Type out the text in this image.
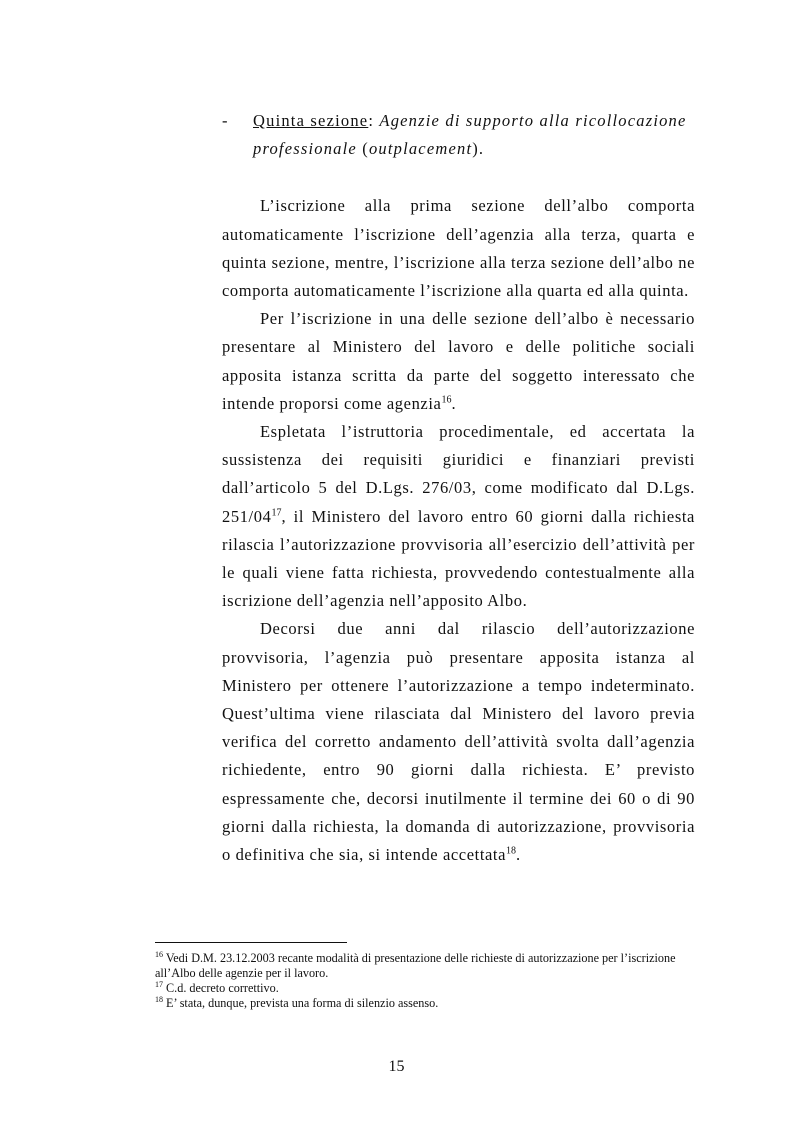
- Quinta sezione: Agenzie di supporto alla ricollocazione professionale (outplacement).

L’iscrizione alla prima sezione dell’albo comporta automaticamente l’iscrizione dell’agenzia alla terza, quarta e quinta sezione, mentre, l’iscrizione alla terza sezione dell’albo ne comporta automaticamente l’iscrizione alla quarta ed alla quinta.

Per l’iscrizione in una delle sezione dell’albo è necessario presentare al Ministero del lavoro e delle politiche sociali apposita istanza scritta da parte del soggetto interessato che intende proporsi come agenzia$^{16}$.

Espletata l’istruttoria procedimentale, ed accertata la sussistenza dei requisiti giuridici e finanziari previsti dall’articolo 5 del D.Lgs. 276/03, come modificato dal D.Lgs. $251/04^{17}$, il Ministero del lavoro entro 60 giorni dalla richiesta rilascia l’autorizzazione provvisoria all’esercizio dell’attività per le quali viene fatta richiesta, provvedendo contestualmente alla iscrizione dell’agenzia nell’apposito Albo.

Decorsi due anni dal rilascio dell’autorizzazione provvisoria, l’agenzia può presentare apposita istanza al Ministero per ottenere l’autorizzazione a tempo indeterminato. Quest’ultima viene rilasciata dal Ministero del lavoro previa verifica del corretto andamento dell’attività svolta dall’agenzia richiedente, entro 90 giorni dalla richiesta. E’ previsto espressamente che, decorsi inutilmente il termine dei 60 o di 90 giorni dalla richiesta, la domanda di autorizzazione, provvisoria o definitiva che sia, si intende accettata$^{18}$.

$^{16}$ Vedi D.M. 23.12.2003 recante modalità di presentazione delle richieste di autorizzazione per l’iscrizione all’Albo delle agenzie per il lavoro.

$^{17}$ C.d. decreto correttivo.

$^{18}$ E’ stata, dunque, prevista una forma di silenzio assenso.

15
